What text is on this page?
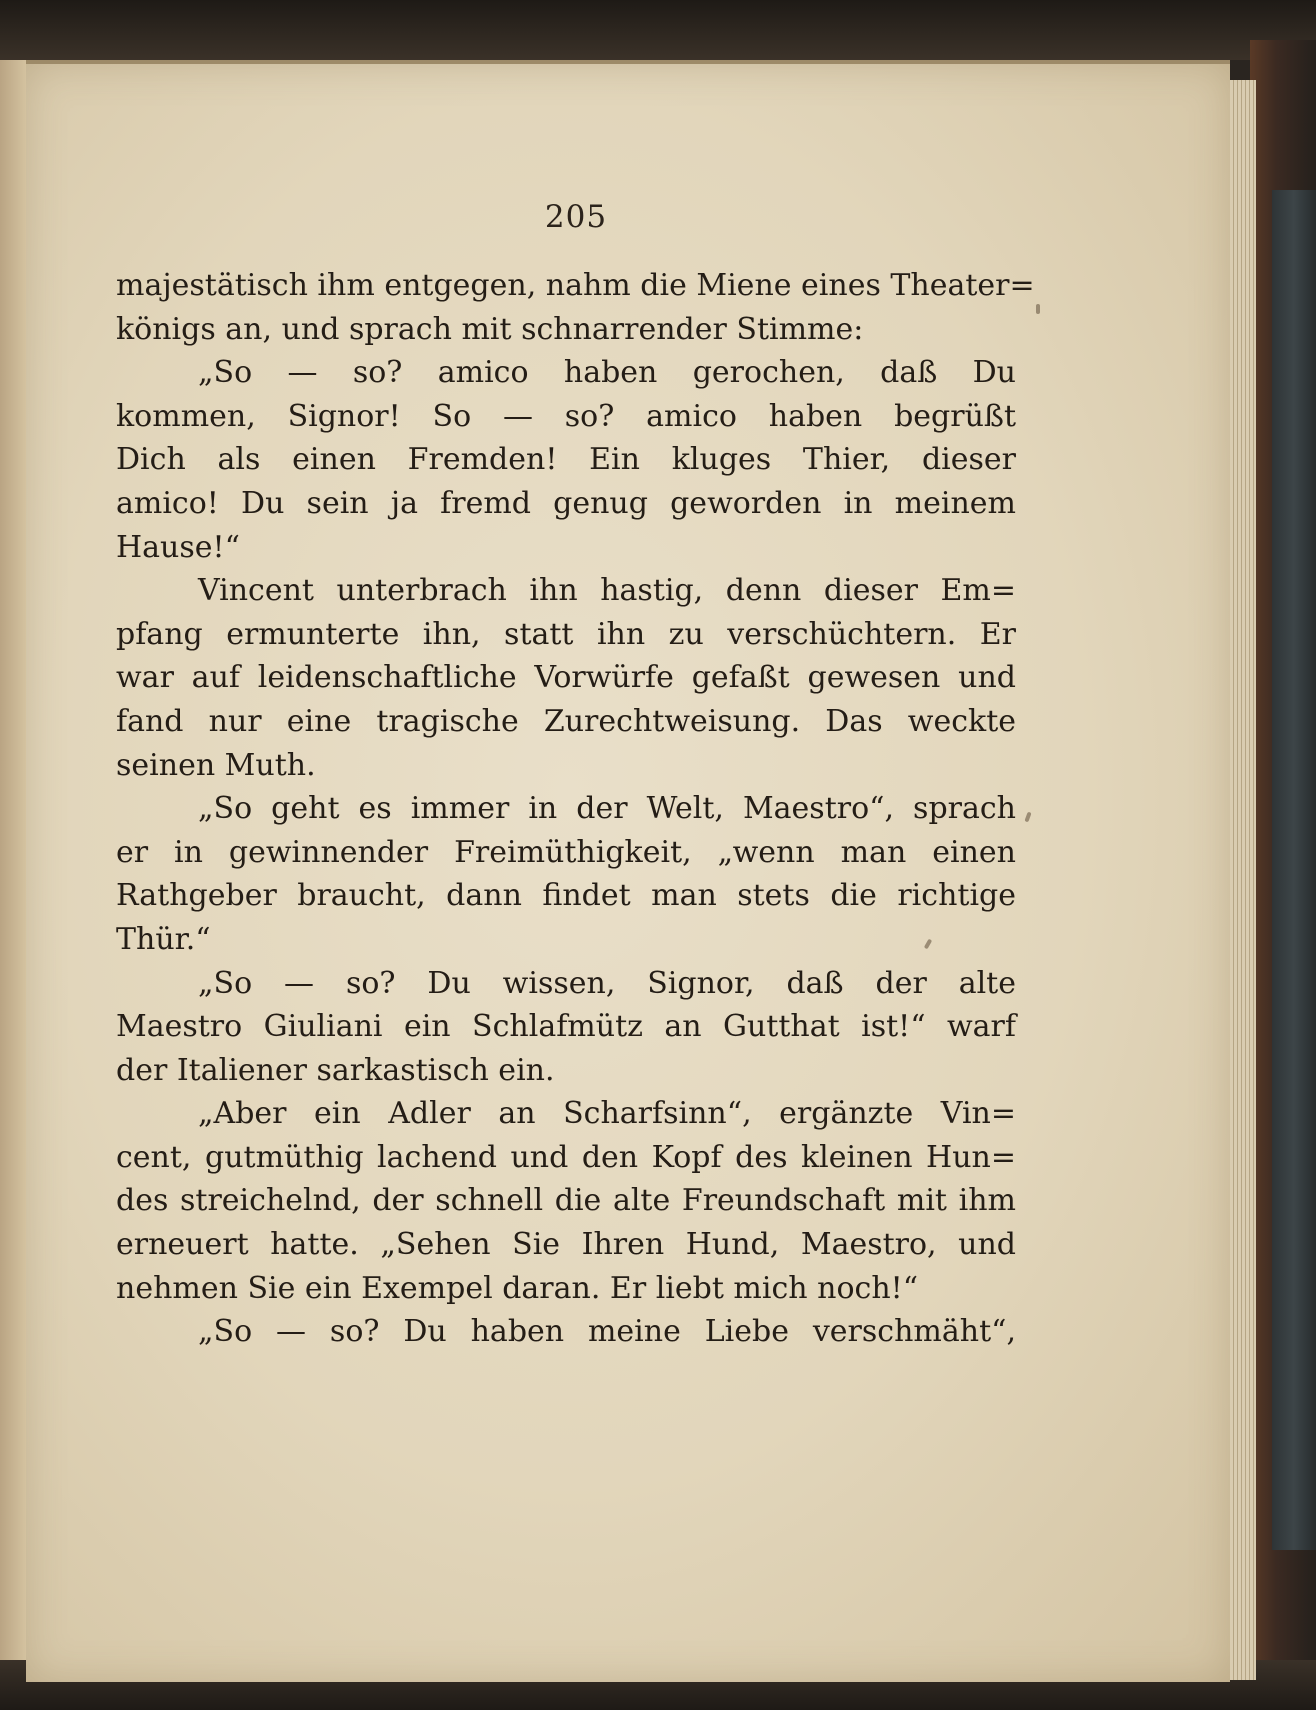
205
majestätisch ihm entgegen, nahm die Miene eines Theater=
königs an, und sprach mit schnarrender Stimme:
„So — so? amico haben gerochen, daß Du
kommen, Signor! So — so? amico haben begrüßt
Dich als einen Fremden! Ein kluges Thier, dieser
amico! Du sein ja fremd genug geworden in meinem
Hause!“
Vincent unterbrach ihn hastig, denn dieser Em=
pfang ermunterte ihn, statt ihn zu verschüchtern. Er
war auf leidenschaftliche Vorwürfe gefaßt gewesen und
fand nur eine tragische Zurechtweisung. Das weckte
seinen Muth.
„So geht es immer in der Welt, Maestro“, sprach
er in gewinnender Freimüthigkeit, „wenn man einen
Rathgeber braucht, dann findet man stets die richtige
Thür.“
„So — so? Du wissen, Signor, daß der alte
Maestro Giuliani ein Schlafmütz an Gutthat ist!“ warf
der Italiener sarkastisch ein.
„Aber ein Adler an Scharfsinn“, ergänzte Vin=
cent, gutmüthig lachend und den Kopf des kleinen Hun=
des streichelnd, der schnell die alte Freundschaft mit ihm
erneuert hatte. „Sehen Sie Ihren Hund, Maestro, und
nehmen Sie ein Exempel daran. Er liebt mich noch!“
„So — so? Du haben meine Liebe verschmäht“,
